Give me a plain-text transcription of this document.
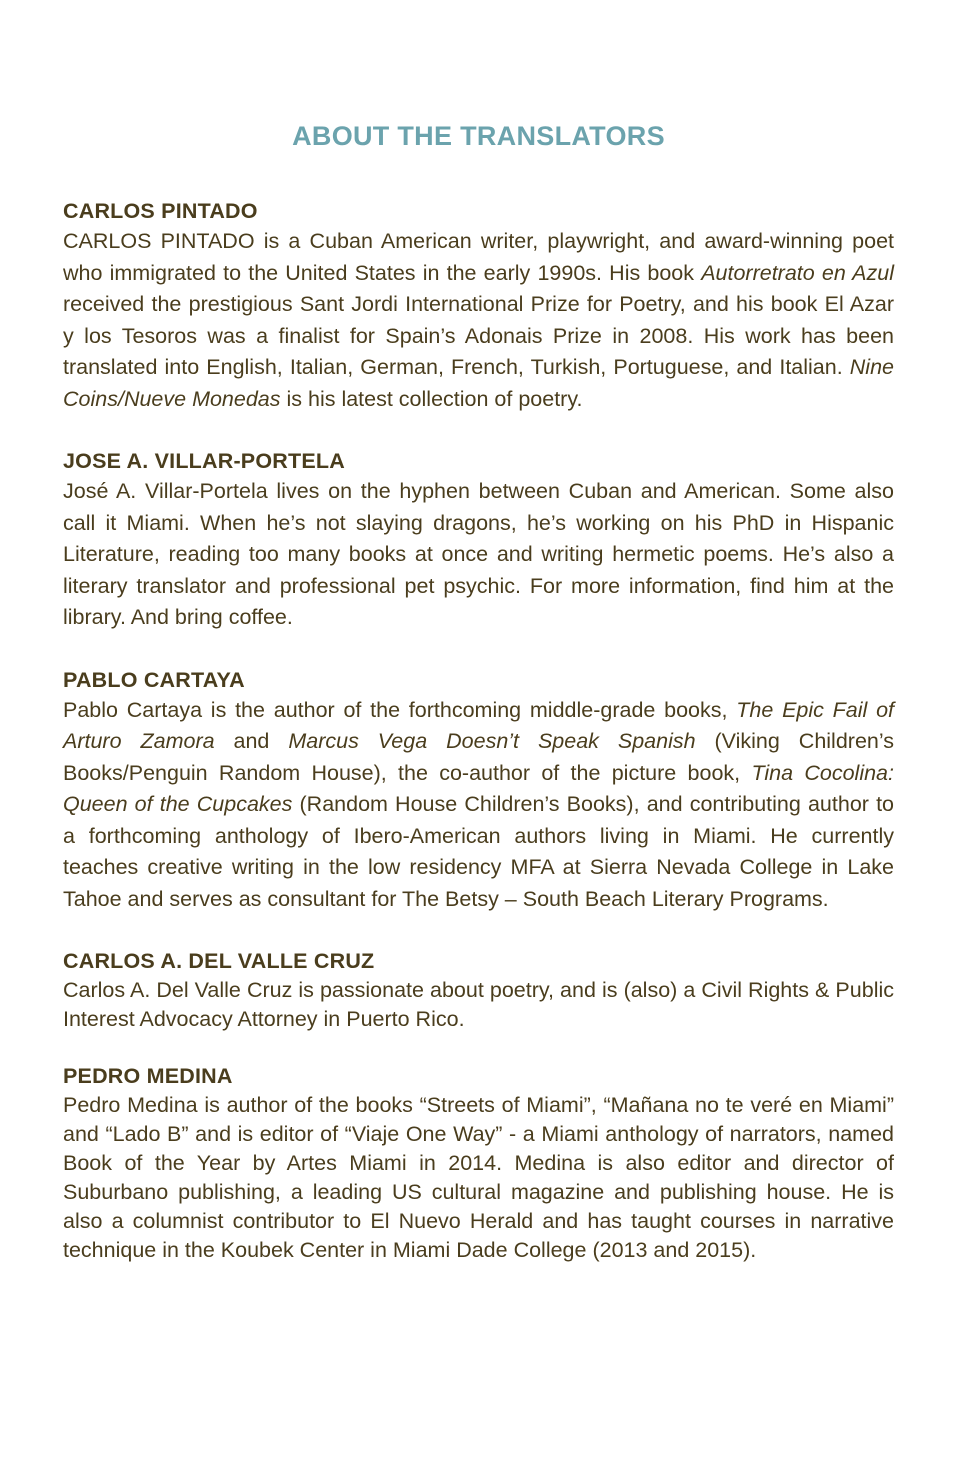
ABOUT THE TRANSLATORS
CARLOS PINTADO

CARLOS PINTADO is a Cuban American writer, playwright, and award-winning poet who immigrated to the United States in the early 1990s. His book Autorretrato en Azul received the prestigious Sant Jordi International Prize for Poetry, and his book El Azar y los Tesoros was a finalist for Spain’s Adonais Prize in 2008. His work has been translated into English, Italian, German, French, Turkish, Portuguese, and Italian. Nine Coins/Nueve Monedas is his latest collection of poetry.

JOSE A. VILLAR-PORTELA

José A. Villar-Portela lives on the hyphen between Cuban and American. Some also call it Miami. When he’s not slaying dragons, he’s working on his PhD in Hispanic Literature, reading too many books at once and writing hermetic poems. He’s also a literary translator and professional pet psychic. For more information, find him at the library. And bring coffee.

PABLO CARTAYA

Pablo Cartaya is the author of the forthcoming middle-grade books, The Epic Fail of Arturo Zamora and Marcus Vega Doesn’t Speak Spanish (Viking Children’s Books/Penguin Random House), the co-author of the picture book, Tina Cocolina: Queen of the Cupcakes (Random House Children’s Books), and contributing author to a forthcoming anthology of Ibero-American authors living in Miami. He currently teaches creative writing in the low residency MFA at Sierra Nevada College in Lake Tahoe and serves as consultant for The Betsy – South Beach Literary Programs.

CARLOS A. DEL VALLE CRUZ

Carlos A. Del Valle Cruz is passionate about poetry, and is (also) a Civil Rights & Public Interest Advocacy Attorney in Puerto Rico.

PEDRO MEDINA

Pedro Medina is author of the books “Streets of Miami”, “Mañana no te veré en Miami” and “Lado B” and is editor of “Viaje One Way” - a Miami anthology of narrators, named Book of the Year by Artes Miami in 2014. Medina is also editor and director of Suburbano publishing, a leading US cultural magazine and publishing house. He is also a columnist contributor to El Nuevo Herald and has taught courses in narrative technique in the Koubek Center in Miami Dade College (2013 and 2015).
